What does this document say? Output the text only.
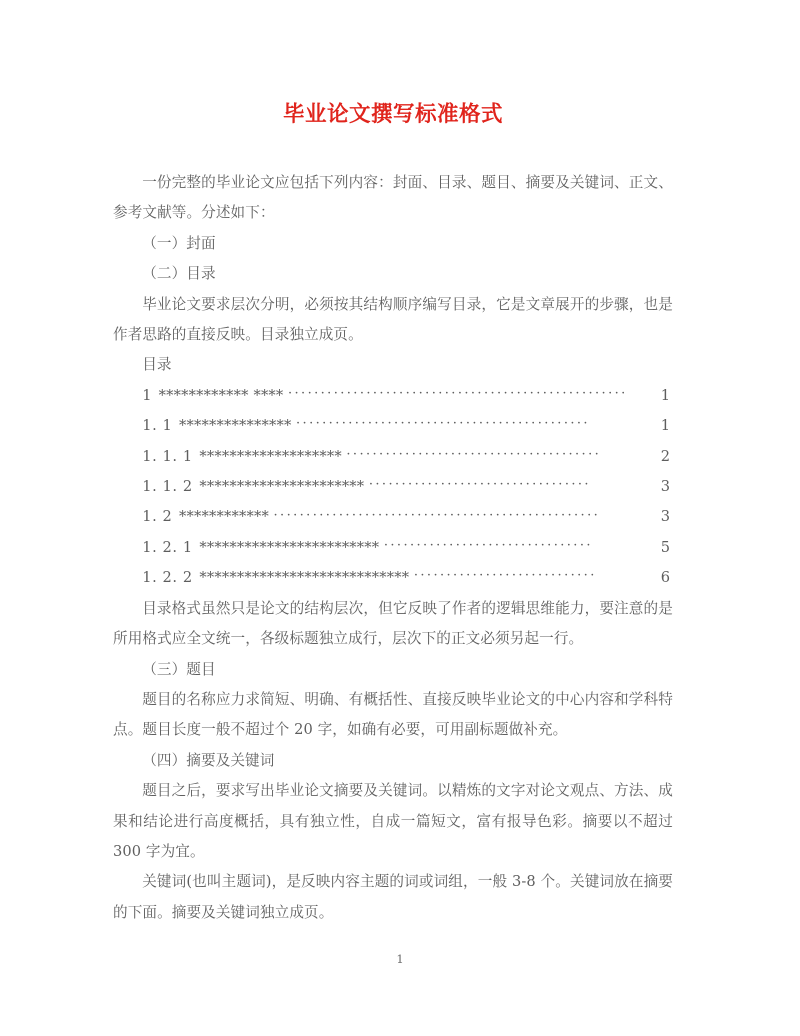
毕业论文撰写标准格式

一份完整的毕业论文应包括下列内容：封面、目录、题目、摘要及关键词、正文、参考文献等。分述如下：

（一）封面

（二）目录

毕业论文要求层次分明，必须按其结构顺序编写目录，它是文章展开的步骤，也是作者思路的直接反映。目录独立成页。

目录

1 ************ **** ····················································	1
1. 1 *************** ·············································	1
1. 1. 1 ******************* ·······································	2
1. 1. 2 ********************** ··································	3
1. 2 ************ ··················································	3
1. 2. 1 ************************ ································	5
1. 2. 2 **************************** ····························	6

目录格式虽然只是论文的结构层次，但它反映了作者的逻辑思维能力，要注意的是所用格式应全文统一，各级标题独立成行，层次下的正文必须另起一行。

（三）题目

题目的名称应力求简短、明确、有概括性、直接反映毕业论文的中心内容和学科特点。题目长度一般不超过个 20 字，如确有必要，可用副标题做补充。

（四）摘要及关键词

题目之后，要求写出毕业论文摘要及关键词。以精炼的文字对论文观点、方法、成果和结论进行高度概括，具有独立性，自成一篇短文，富有报导色彩。摘要以不超过 300 字为宜。

关键词(也叫主题词)，是反映内容主题的词或词组，一般 3-8 个。关键词放在摘要的下面。摘要及关键词独立成页。

1
